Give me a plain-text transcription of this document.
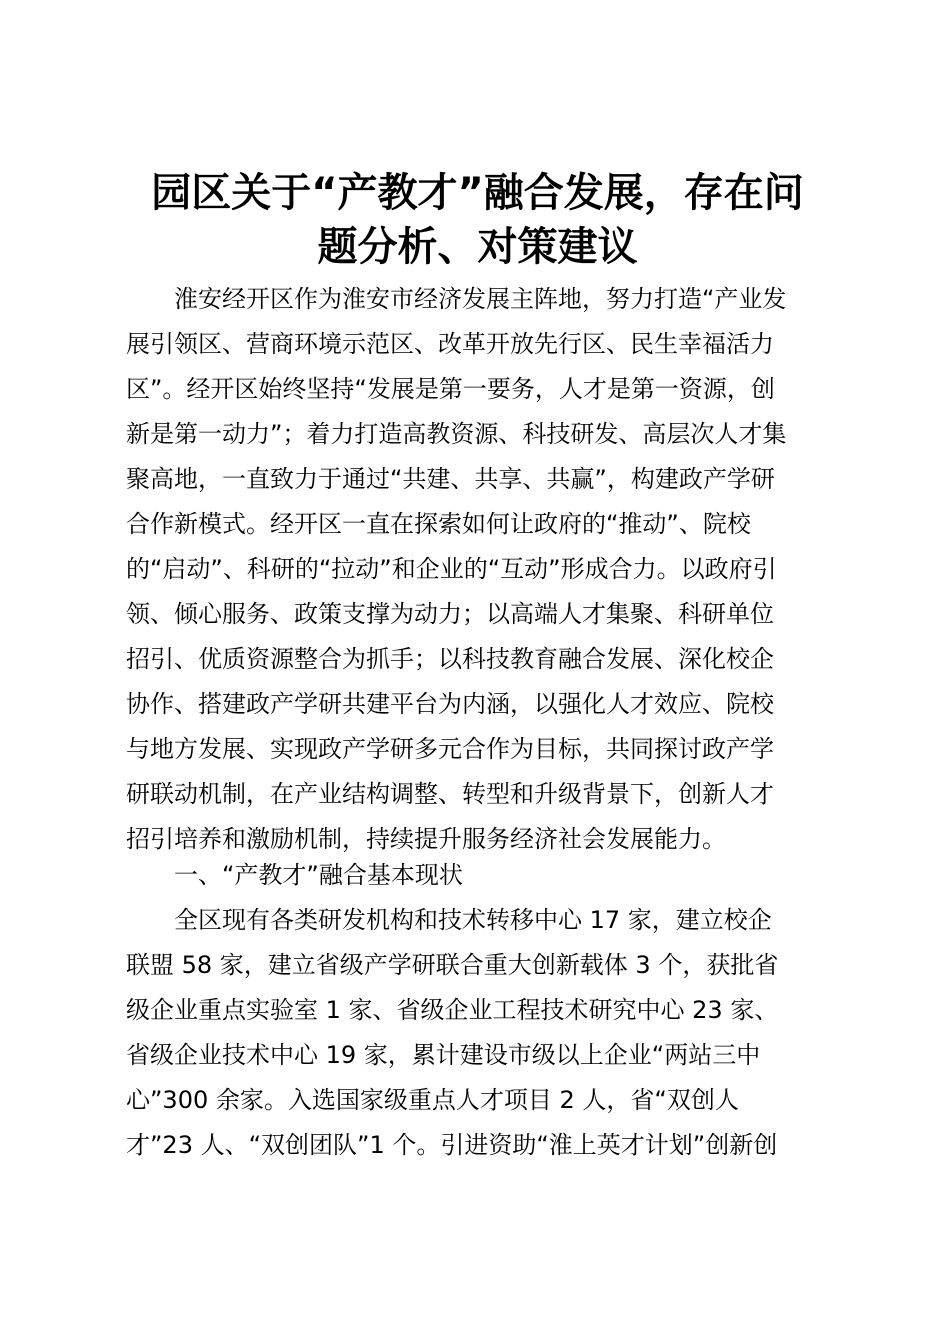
园区关于“产教才”融合发展，存在问
题分析、对策建议
淮安经开区作为淮安市经济发展主阵地，努力打造“产业发
展引领区、营商环境示范区、改革开放先行区、民生幸福活力
区”。经开区始终坚持“发展是第一要务，人才是第一资源，创
新是第一动力”；着力打造高教资源、科技研发、高层次人才集
聚高地，一直致力于通过“共建、共享、共赢”，构建政产学研
合作新模式。经开区一直在探索如何让政府的“推动”、院校
的“启动”、科研的“拉动”和企业的“互动”形成合力。以政府引
领、倾心服务、政策支撑为动力；以高端人才集聚、科研单位
招引、优质资源整合为抓手；以科技教育融合发展、深化校企
协作、搭建政产学研共建平台为内涵，以强化人才效应、院校
与地方发展、实现政产学研多元合作为目标，共同探讨政产学
研联动机制，在产业结构调整、转型和升级背景下，创新人才
招引培养和激励机制，持续提升服务经济社会发展能力。
一、“产教才”融合基本现状
全区现有各类研发机构和技术转移中心 17 家，建立校企
联盟 58 家，建立省级产学研联合重大创新载体 3 个，获批省
级企业重点实验室 1 家、省级企业工程技术研究中心 23 家、
省级企业技术中心 19 家，累计建设市级以上企业“两站三中
心”300 余家。入选国家级重点人才项目 2 人，省“双创人
才”23 人、“双创团队”1 个。引进资助“淮上英才计划”创新创
